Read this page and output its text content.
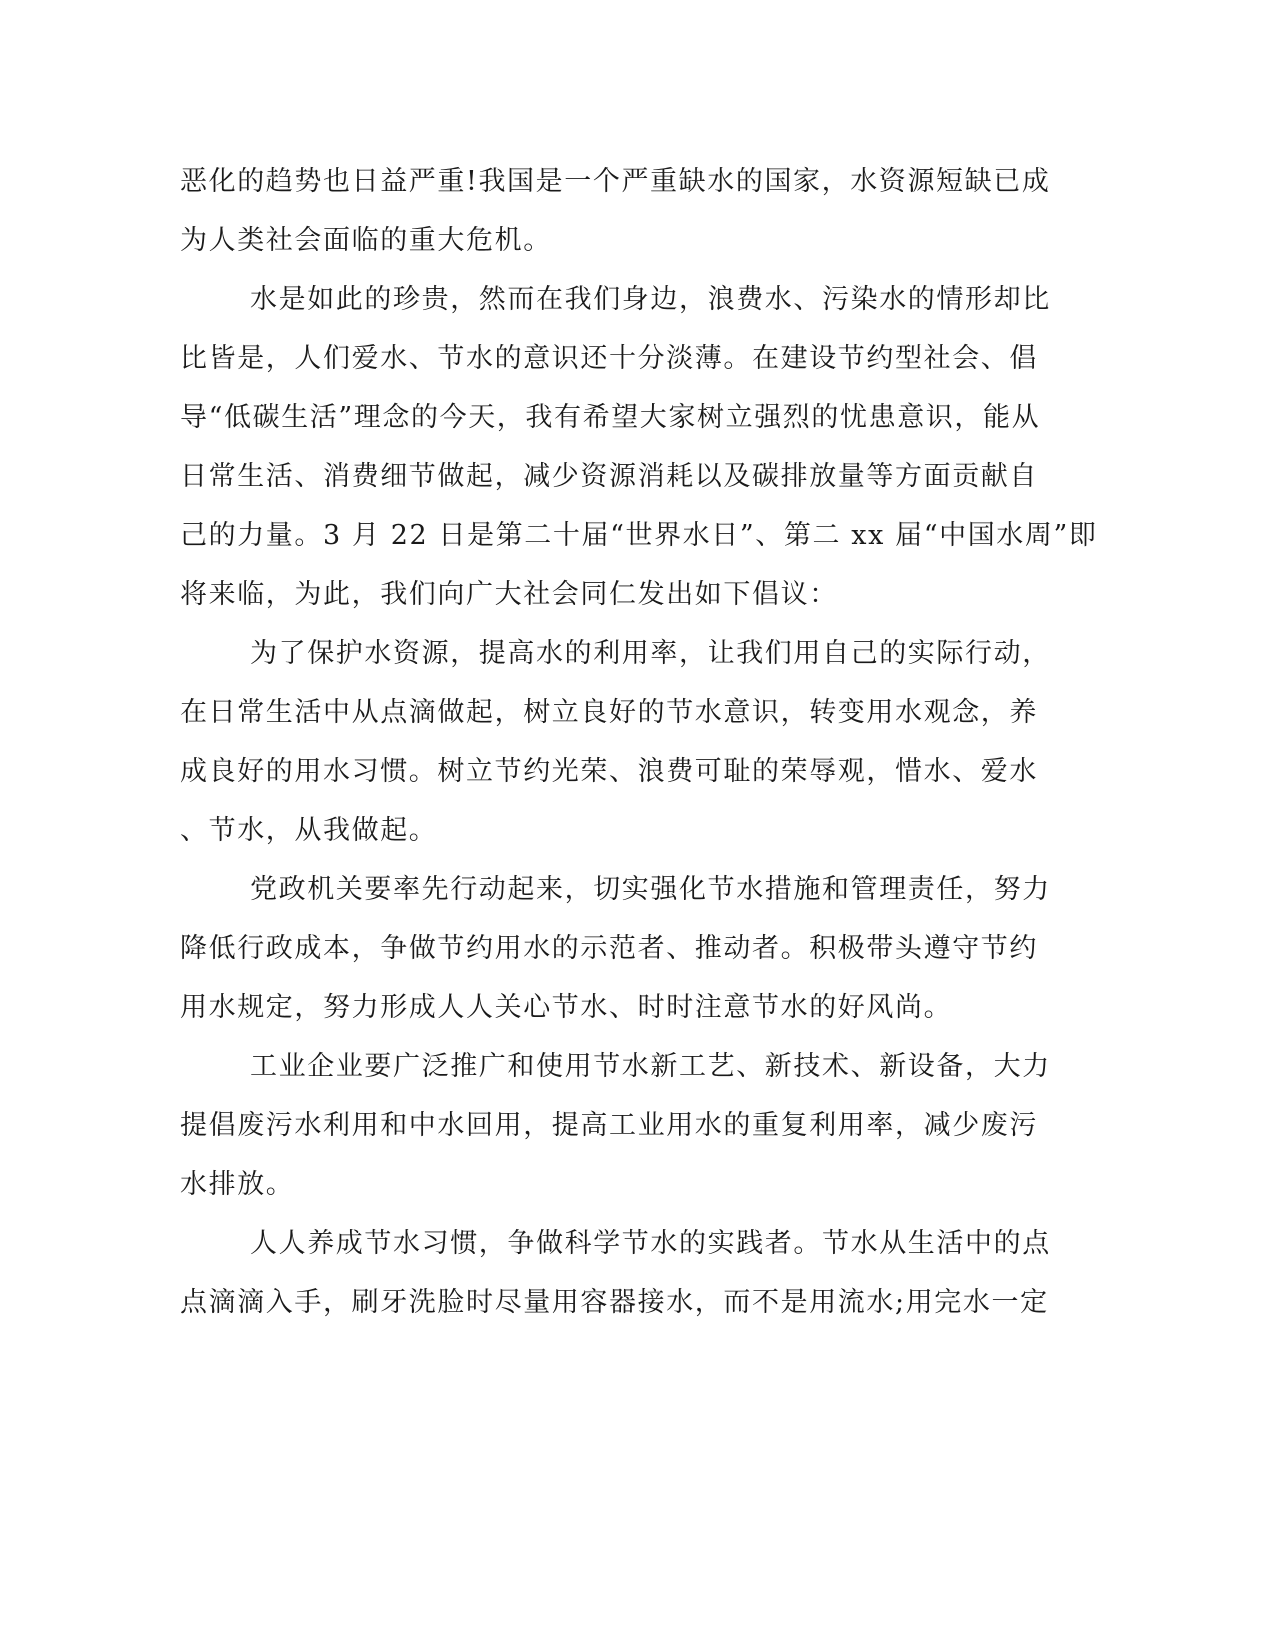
恶化的趋势也日益严重!我国是一个严重缺水的国家，水资源短缺已成
为人类社会面临的重大危机。
水是如此的珍贵，然而在我们身边，浪费水、污染水的情形却比
比皆是，人们爱水、节水的意识还十分淡薄。在建设节约型社会、倡
导“低碳生活”理念的今天，我有希望大家树立强烈的忧患意识，能从
日常生活、消费细节做起，减少资源消耗以及碳排放量等方面贡献自
己的力量。3 月 22 日是第二十届“世界水日”、第二 xx 届“中国水周”即
将来临，为此，我们向广大社会同仁发出如下倡议：
为了保护水资源，提高水的利用率，让我们用自己的实际行动，
在日常生活中从点滴做起，树立良好的节水意识，转变用水观念，养
成良好的用水习惯。树立节约光荣、浪费可耻的荣辱观，惜水、爱水
、节水，从我做起。
党政机关要率先行动起来，切实强化节水措施和管理责任，努力
降低行政成本，争做节约用水的示范者、推动者。积极带头遵守节约
用水规定，努力形成人人关心节水、时时注意节水的好风尚。
工业企业要广泛推广和使用节水新工艺、新技术、新设备，大力
提倡废污水利用和中水回用，提高工业用水的重复利用率，减少废污
水排放。
人人养成节水习惯，争做科学节水的实践者。节水从生活中的点
点滴滴入手，刷牙洗脸时尽量用容器接水，而不是用流水;用完水一定
